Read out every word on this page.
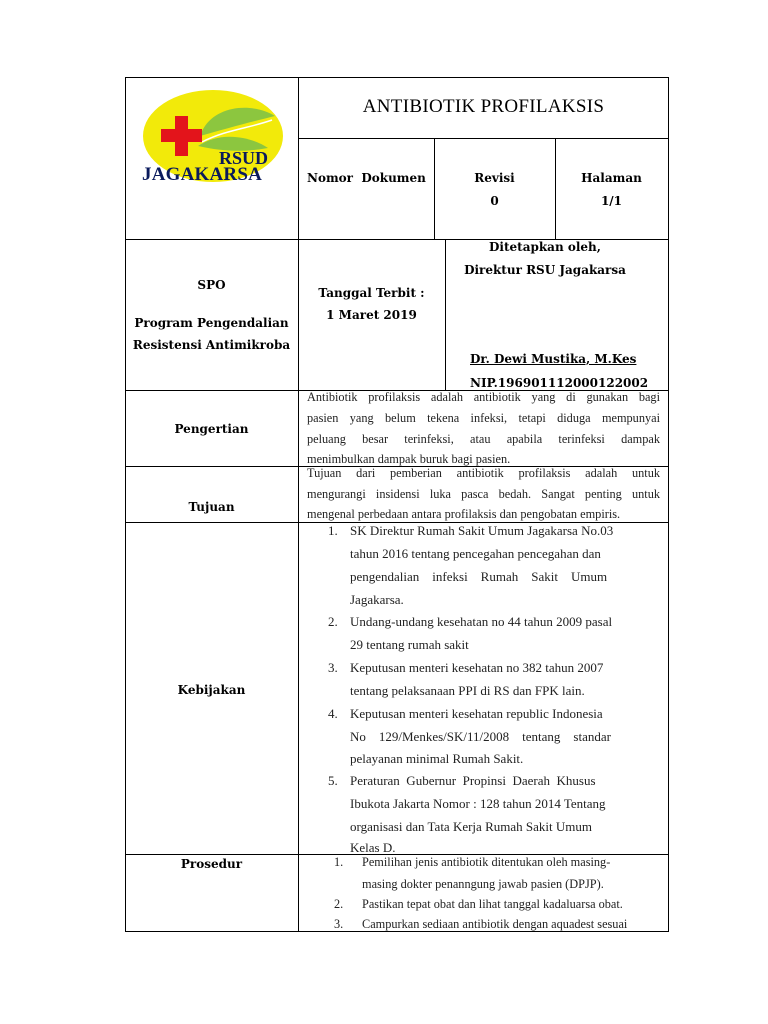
RSUD
JAGAKARSA
ANTIBIOTIK PROFILAKSIS
Nomor  Dokumen	Revisi
0
Halaman
1/1
SPO
Program Pengendalian
Resistensi Antimikroba
Tanggal Terbit :
1 Maret 2019
Ditetapkan oleh,
Direktur RSU Jagakarsa
Dr. Dewi Mustika, M.Kes
NIP.196901112000122002
Pengertian
Antibiotik profilaksis adalah antibiotik yang di gunakan bagi
pasien yang belum tekena infeksi, tetapi diduga mempunyai
peluang besar terinfeksi, atau apabila terinfeksi dampak
menimbulkan dampak buruk bagi pasien.
Tujuan
Tujuan dari pemberian antibiotik profilaksis adalah untuk
mengurangi insidensi luka pasca bedah. Sangat penting untuk
mengenal perbedaan antara profilaksis dan pengobatan empiris.
Kebijakan
1. SK Direktur Rumah Sakit Umum Jagakarsa No.03
tahun 2016 tentang pencegahan pencegahan dan
pengendalian    infeksi    Rumah    Sakit    Umum
Jagakarsa.
2. Undang-undang kesehatan no 44 tahun 2009 pasal
29 tentang rumah sakit
3. Keputusan menteri kesehatan no 382 tahun 2007
tentang pelaksanaan PPI di RS dan FPK lain.
4. Keputusan menteri kesehatan republic Indonesia
No    129/Menkes/SK/11/2008    tentang    standar
pelayanan minimal Rumah Sakit.
5. Peraturan  Gubernur  Propinsi  Daerah  Khusus
Ibukota Jakarta Nomor : 128 tahun 2014 Tentang
organisasi dan Tata Kerja Rumah Sakit Umum
Kelas D.
Prosedur	1. Pemilihan jenis antibiotik ditentukan oleh masing-
masing dokter penanngung jawab pasien (DPJP).
2. Pastikan tepat obat dan lihat tanggal kadaluarsa obat.
3. Campurkan sediaan antibiotik dengan aquadest sesuai
